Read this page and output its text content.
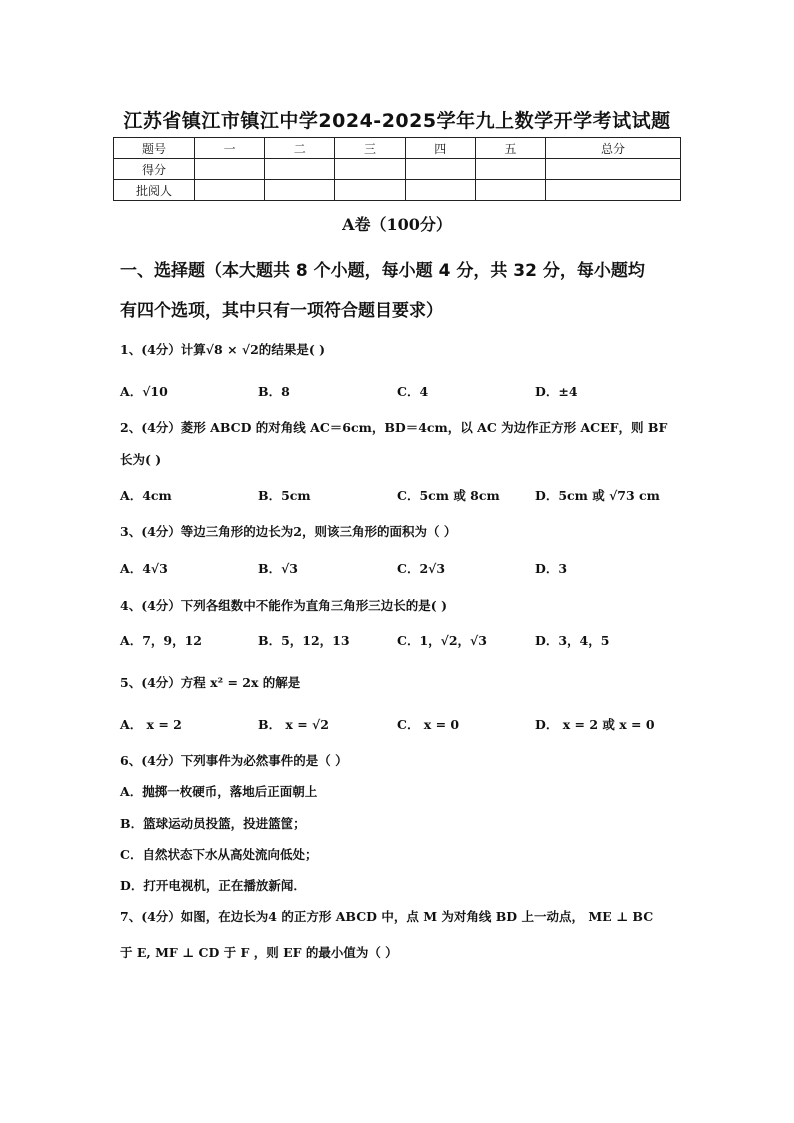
江苏省镇江市镇江中学2024-2025学年九上数学开学考试试题
题号	一	二	三	四	五	总分
得分						
批阅人						
A卷（100分）
一、选择题（本大题共 8 个小题，每小题 4 分，共 32 分，每小题均
有四个选项，其中只有一项符合题目要求）
1、(4分）计算√8 × √2的结果是( )
A．√10	B．8	C．4	D．±4
2、(4分）菱形 ABCD 的对角线 AC＝6cm，BD＝4cm，以 AC 为边作正方形 ACEF，则 BF
长为( )
A．4cm	B．5cm	C．5cm 或 8cm	D．5cm 或 √73 cm
3、(4分）等边三角形的边长为2，则该三角形的面积为（ ）
A．4√3	B．√3	C．2√3	D．3
4、(4分）下列各组数中不能作为直角三角形三边长的是( )
A．7，9，12	B．5，12，13	C．1，√2，√3	D．3，4，5
5、(4分）方程 x² = 2x 的解是
A． x = 2	B． x = √2	C． x = 0	D． x = 2 或 x = 0
6、(4分）下列事件为必然事件的是（ ）
A．抛掷一枚硬币，落地后正面朝上
B．篮球运动员投篮，投进篮筐；
C．自然状态下水从高处流向低处；
D．打开电视机，正在播放新闻．
7、(4分）如图，在边长为4 的正方形 ABCD 中，点 M 为对角线 BD 上一动点， ME ⊥ BC
于 E, MF ⊥ CD 于 F ，则 EF 的最小值为（ ）
